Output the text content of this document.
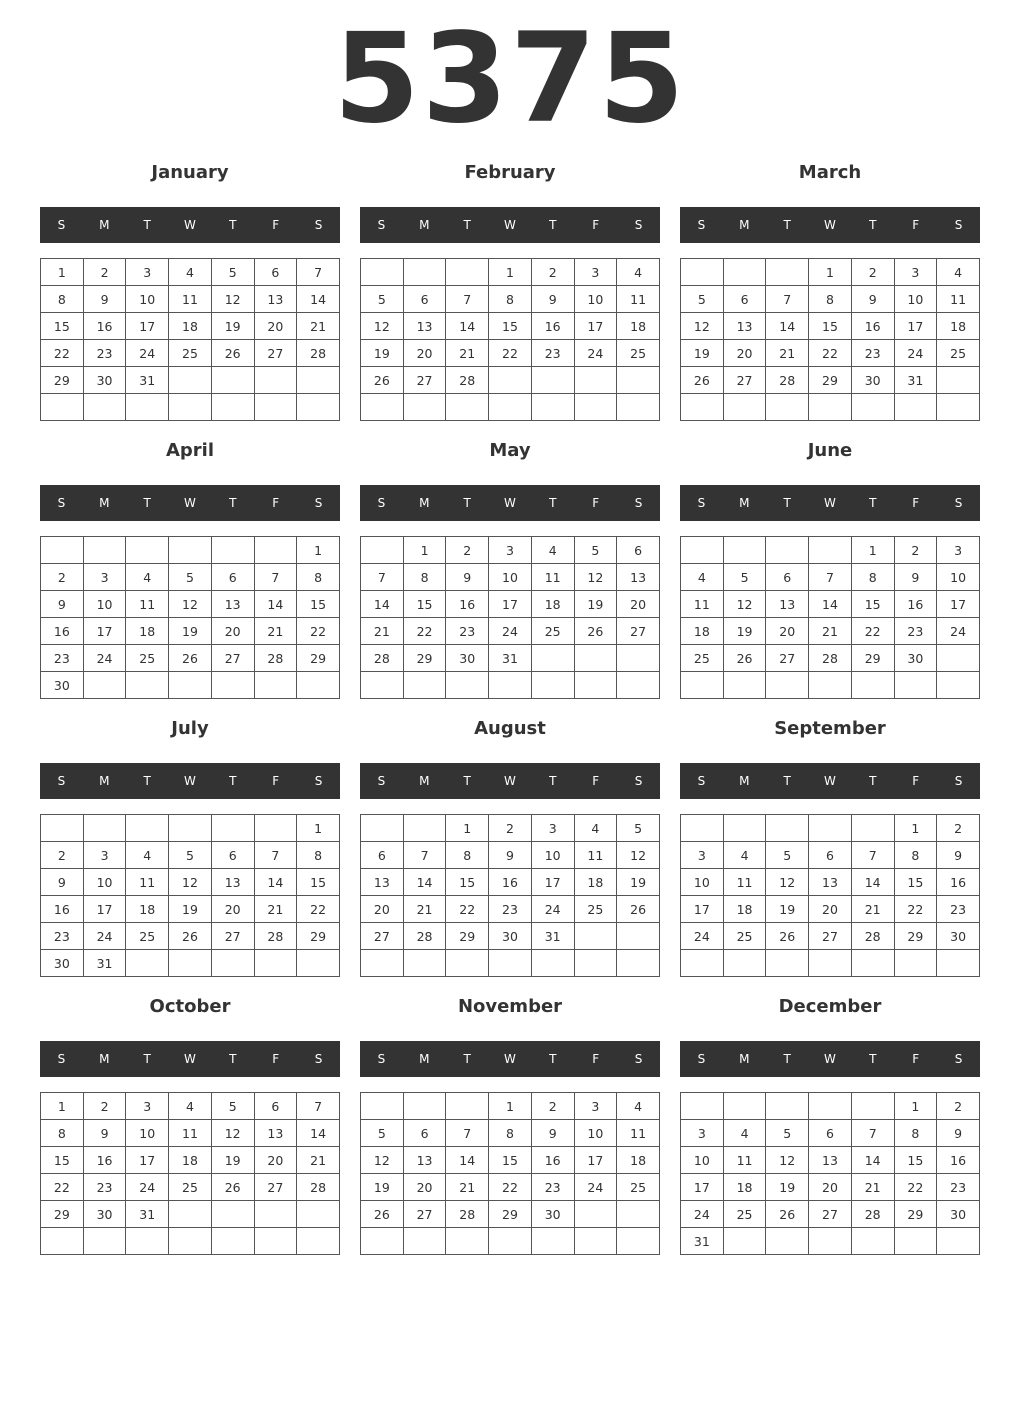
5375
January
S	M	T	W	T	F	S
1	2	3	4	5	6	7
8	9	10	11	12	13	14
15	16	17	18	19	20	21
22	23	24	25	26	27	28
29	30	31				

February
S	M	T	W	T	F	S
			1	2	3	4
5	6	7	8	9	10	11
12	13	14	15	16	17	18
19	20	21	22	23	24	25
26	27	28				

March
S	M	T	W	T	F	S
			1	2	3	4
5	6	7	8	9	10	11
12	13	14	15	16	17	18
19	20	21	22	23	24	25
26	27	28	29	30	31	

April
S	M	T	W	T	F	S
						1
2	3	4	5	6	7	8
9	10	11	12	13	14	15
16	17	18	19	20	21	22
23	24	25	26	27	28	29
30						
May
S	M	T	W	T	F	S
	1	2	3	4	5	6
7	8	9	10	11	12	13
14	15	16	17	18	19	20
21	22	23	24	25	26	27
28	29	30	31			

June
S	M	T	W	T	F	S
				1	2	3
4	5	6	7	8	9	10
11	12	13	14	15	16	17
18	19	20	21	22	23	24
25	26	27	28	29	30	

July
S	M	T	W	T	F	S
						1
2	3	4	5	6	7	8
9	10	11	12	13	14	15
16	17	18	19	20	21	22
23	24	25	26	27	28	29
30	31					
August
S	M	T	W	T	F	S
		1	2	3	4	5
6	7	8	9	10	11	12
13	14	15	16	17	18	19
20	21	22	23	24	25	26
27	28	29	30	31		

September
S	M	T	W	T	F	S
					1	2
3	4	5	6	7	8	9
10	11	12	13	14	15	16
17	18	19	20	21	22	23
24	25	26	27	28	29	30

October
S	M	T	W	T	F	S
1	2	3	4	5	6	7
8	9	10	11	12	13	14
15	16	17	18	19	20	21
22	23	24	25	26	27	28
29	30	31				

November
S	M	T	W	T	F	S
			1	2	3	4
5	6	7	8	9	10	11
12	13	14	15	16	17	18
19	20	21	22	23	24	25
26	27	28	29	30		

December
S	M	T	W	T	F	S
					1	2
3	4	5	6	7	8	9
10	11	12	13	14	15	16
17	18	19	20	21	22	23
24	25	26	27	28	29	30
31						
